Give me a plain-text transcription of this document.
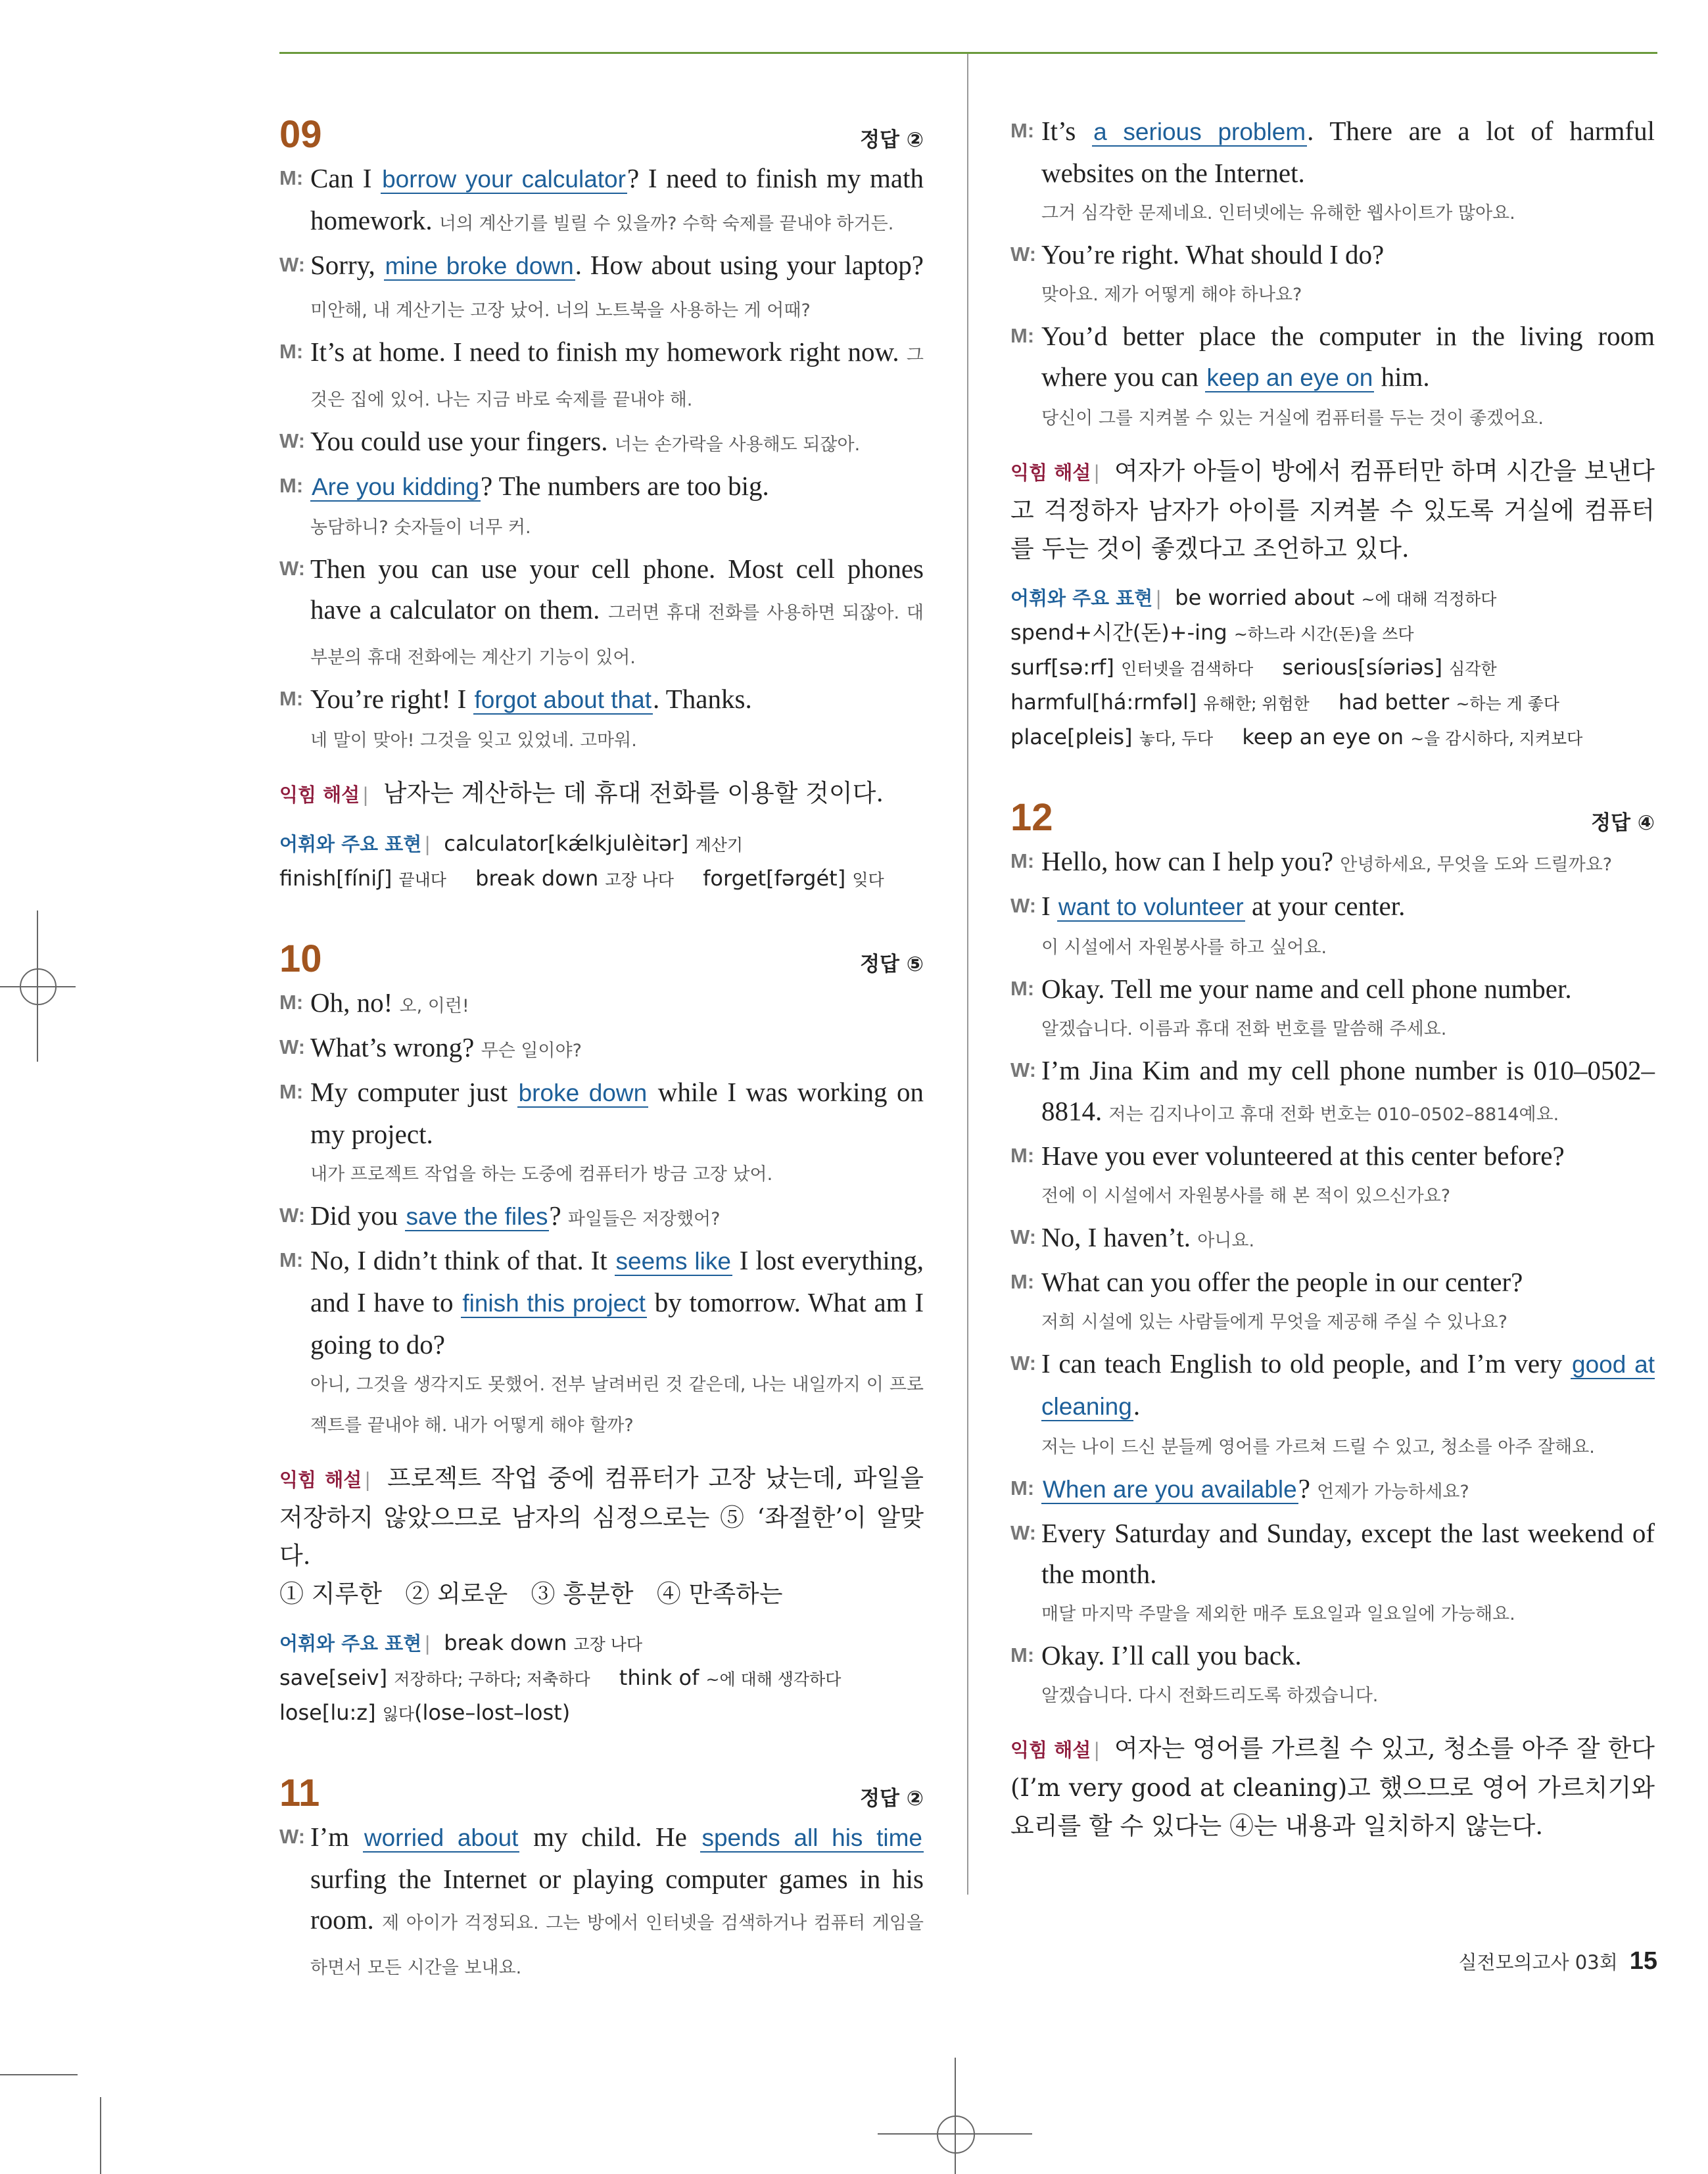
09	정답 ②
M: Can I borrow your calculator? I need to finish my math homework. 너의 계산기를 빌릴 수 있을까? 수학 숙제를 끝내야 하거든.
W: Sorry, mine broke down. How about using your laptop? 미안해, 내 계산기는 고장 났어. 너의 노트북을 사용하는 게 어때?
M: It’s at home. I need to finish my homework right now. 그것은 집에 있어. 나는 지금 바로 숙제를 끝내야 해.
W: You could use your fingers. 너는 손가락을 사용해도 되잖아.
M: Are you kidding? The numbers are too big.
농담하니? 숫자들이 너무 커.
W: Then you can use your cell phone. Most cell phones have a calculator on them. 그러면 휴대 전화를 사용하면 되잖아. 대부분의 휴대 전화에는 계산기 기능이 있어.
M: You’re right! I forgot about that. Thanks.
네 말이 맞아! 그것을 잊고 있었네. 고마워.
익힘 해설 | 남자는 계산하는 데 휴대 전화를 이용할 것이다.
어휘와 주요 표현 | calculator[kǽlkjulèitər] 계산기
finish[fíniʃ] 끝내다 break down 고장 나다 forget[fərgét] 잊다
10	정답 ⑤
M: Oh, no! 오, 이런!
W: What’s wrong? 무슨 일이야?
M: My computer just broke down while I was working on my project.
내가 프로젝트 작업을 하는 도중에 컴퓨터가 방금 고장 났어.
W: Did you save the files? 파일들은 저장했어?
M: No, I didn’t think of that. It seems like I lost everything, and I have to finish this project by tomorrow. What am I going to do?
아니, 그것을 생각지도 못했어. 전부 날려버린 것 같은데, 나는 내일까지 이 프로젝트를 끝내야 해. 내가 어떻게 해야 할까?
익힘 해설 | 프로젝트 작업 중에 컴퓨터가 고장 났는데, 파일을 저장하지 않았으므로 남자의 심정으로는 ⑤ ‘좌절한’이 알맞다.
① 지루한   ② 외로운   ③ 흥분한   ④ 만족하는
어휘와 주요 표현 | break down 고장 나다
save[seiv] 저장하다; 구하다; 저축하다 think of ~에 대해 생각하다
lose[lu:z] 잃다(lose–lost–lost)
11	정답 ②
W: I’m worried about my child. He spends all his time surfing the Internet or playing computer games in his room. 제 아이가 걱정되요. 그는 방에서 인터넷을 검색하거나 컴퓨터 게임을 하면서 모든 시간을 보내요.
M: It’s a serious problem. There are a lot of harmful websites on the Internet.
그거 심각한 문제네요. 인터넷에는 유해한 웹사이트가 많아요.
W: You’re right. What should I do?
맞아요. 제가 어떻게 해야 하나요?
M: You’d better place the computer in the living room where you can keep an eye on him.
당신이 그를 지켜볼 수 있는 거실에 컴퓨터를 두는 것이 좋겠어요.
익힘 해설 | 여자가 아들이 방에서 컴퓨터만 하며 시간을 보낸다고 걱정하자 남자가 아이를 지켜볼 수 있도록 거실에 컴퓨터를 두는 것이 좋겠다고 조언하고 있다.
어휘와 주요 표현 | be worried about ~에 대해 걱정하다
spend+시간(돈)+-ing ~하느라 시간(돈)을 쓰다
surf[sə:rf] 인터넷을 검색하다 serious[síəriəs] 심각한
harmful[há:rmfəl] 유해한; 위험한 had better ~하는 게 좋다
place[pleis] 놓다, 두다 keep an eye on ~을 감시하다, 지켜보다
12	정답 ④
M: Hello, how can I help you? 안녕하세요, 무엇을 도와 드릴까요?
W: I want to volunteer at your center.
이 시설에서 자원봉사를 하고 싶어요.
M: Okay. Tell me your name and cell phone number.
알겠습니다. 이름과 휴대 전화 번호를 말씀해 주세요.
W: I’m Jina Kim and my cell phone number is 010–0502–8814. 저는 김지나이고 휴대 전화 번호는 010–0502–8814예요.
M: Have you ever volunteered at this center before?
전에 이 시설에서 자원봉사를 해 본 적이 있으신가요?
W: No, I haven’t. 아니요.
M: What can you offer the people in our center?
저희 시설에 있는 사람들에게 무엇을 제공해 주실 수 있나요?
W: I can teach English to old people, and I’m very good at cleaning.
저는 나이 드신 분들께 영어를 가르쳐 드릴 수 있고, 청소를 아주 잘해요.
M: When are you available? 언제가 가능하세요?
W: Every Saturday and Sunday, except the last weekend of the month.
매달 마지막 주말을 제외한 매주 토요일과 일요일에 가능해요.
M: Okay. I’ll call you back.
알겠습니다. 다시 전화드리도록 하겠습니다.
익힘 해설 | 여자는 영어를 가르칠 수 있고, 청소를 아주 잘 한다(I’m very good at cleaning)고 했으므로 영어 가르치기와 요리를 할 수 있다는 ④는 내용과 일치하지 않는다.
실전모의고사 03회 15
